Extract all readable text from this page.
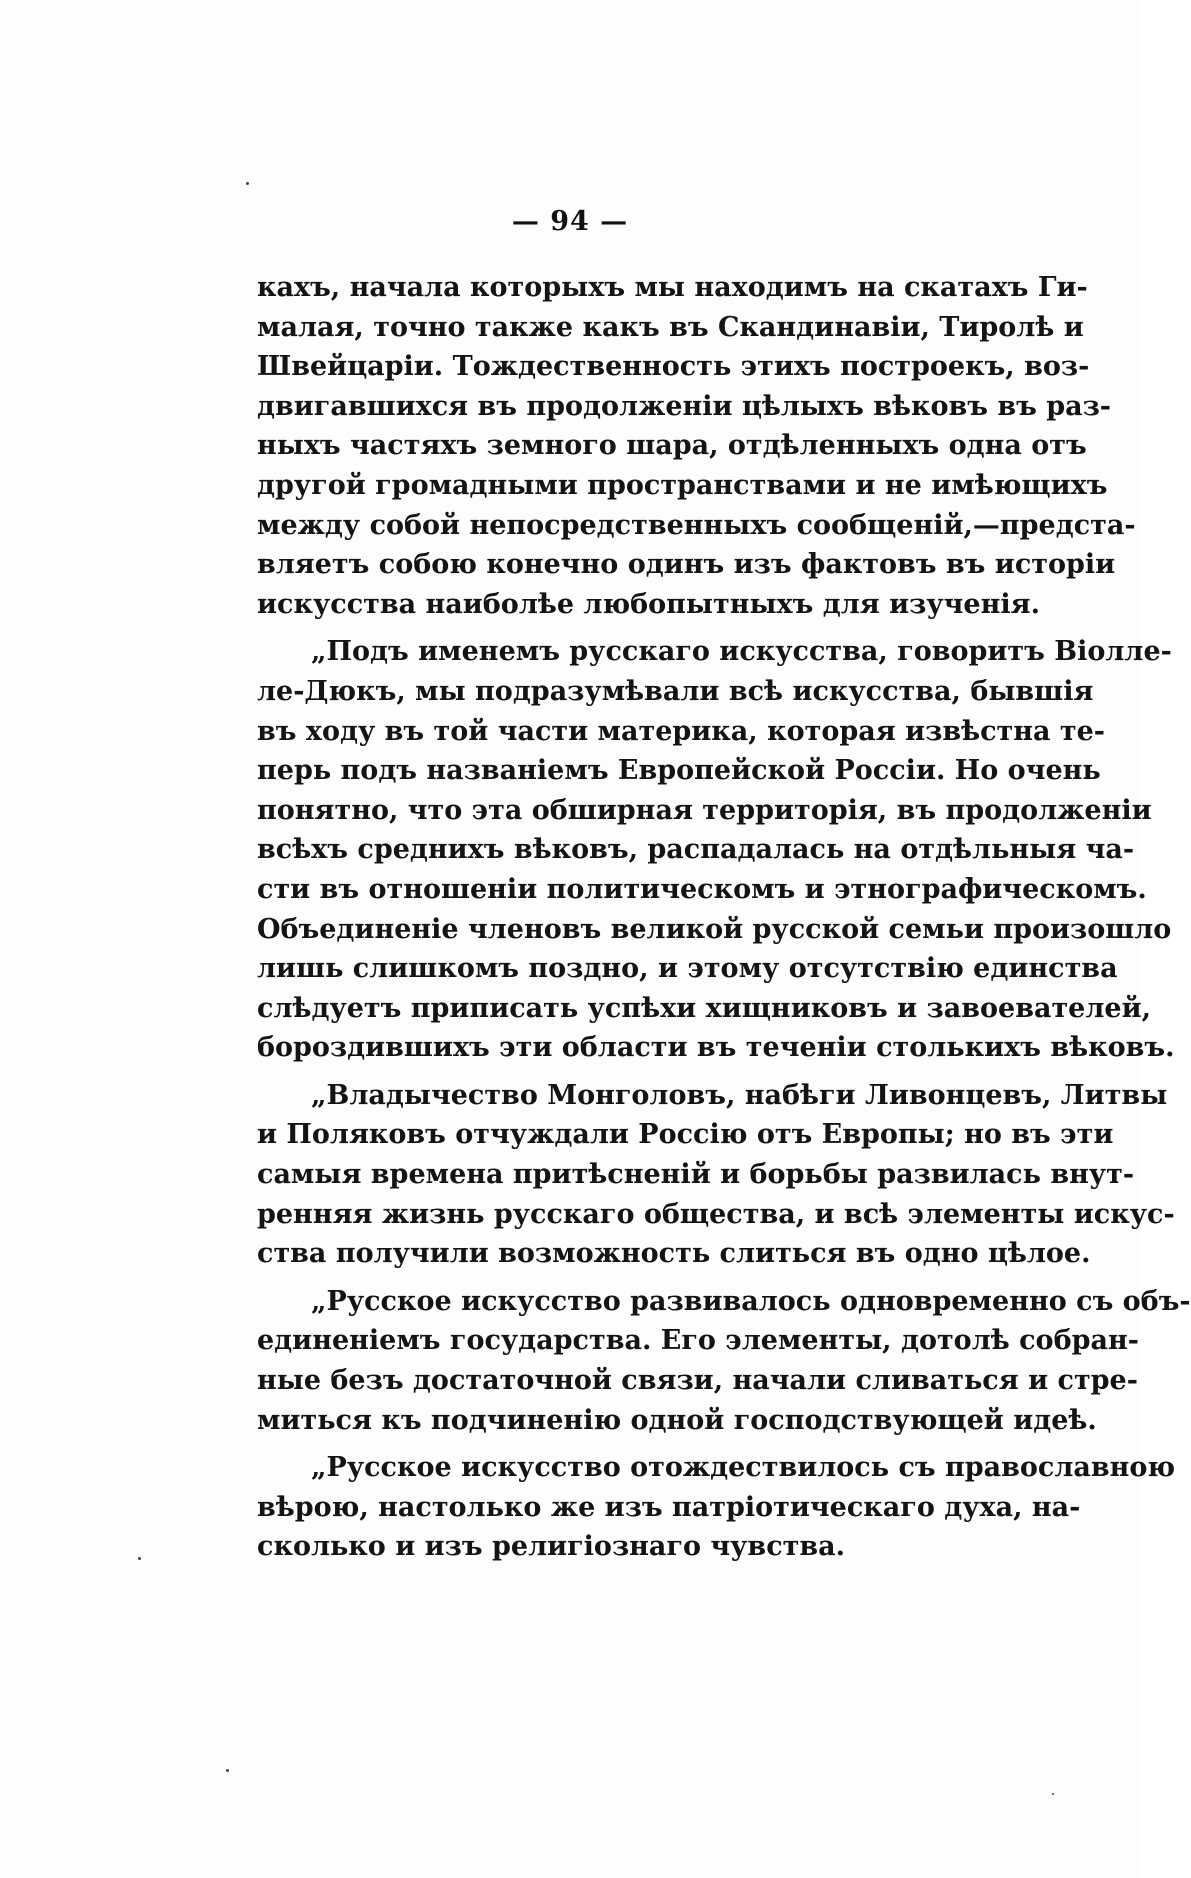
— 94 —
кахъ, начала которыхъ мы находимъ на скатахъ Ги-
малая, точно также какъ въ Скандинавіи, Тиролѣ и
Швейцаріи. Тождественность этихъ построекъ, воз-
двигавшихся въ продолженіи цѣлыхъ вѣковъ въ раз-
ныхъ частяхъ земного шара, отдѣленныхъ одна отъ
другой громадными пространствами и не имѣющихъ
между собой непосредственныхъ сообщеній,—предста-
вляетъ собою конечно одинъ изъ фактовъ въ исторіи
искусства наиболѣе любопытныхъ для изученія.
„Подъ именемъ русскаго искусства, говоритъ Віолле-
ле-Дюкъ, мы подразумѣвали всѣ искусства, бывшія
въ ходу въ той части материка, которая извѣстна те-
перь подъ названіемъ Европейской Россіи. Но очень
понятно, что эта обширная территорія, въ продолженіи
всѣхъ среднихъ вѣковъ, распадалась на отдѣльныя ча-
сти въ отношеніи политическомъ и этнографическомъ.
Объединеніе членовъ великой русской семьи произошло
лишь слишкомъ поздно, и этому отсутствію единства
слѣдуетъ приписать успѣхи хищниковъ и завоевателей,
бороздившихъ эти области въ теченіи столькихъ вѣковъ.
„Владычество Монголовъ, набѣги Ливонцевъ, Литвы
и Поляковъ отчуждали Россію отъ Европы; но въ эти
самыя времена притѣсненій и борьбы развилась внут-
ренняя жизнь русскаго общества, и всѣ элементы искус-
ства получили возможность слиться въ одно цѣлое.
„Русское искусство развивалось одновременно съ объ-
единеніемъ государства. Его элементы, дотолѣ собран-
ные безъ достаточной связи, начали сливаться и стре-
миться къ подчиненію одной господствующей идеѣ.
„Русское искусство отождествилось съ православною
вѣрою, настолько же изъ патріотическаго духа, на-
сколько и изъ религіознаго чувства.
